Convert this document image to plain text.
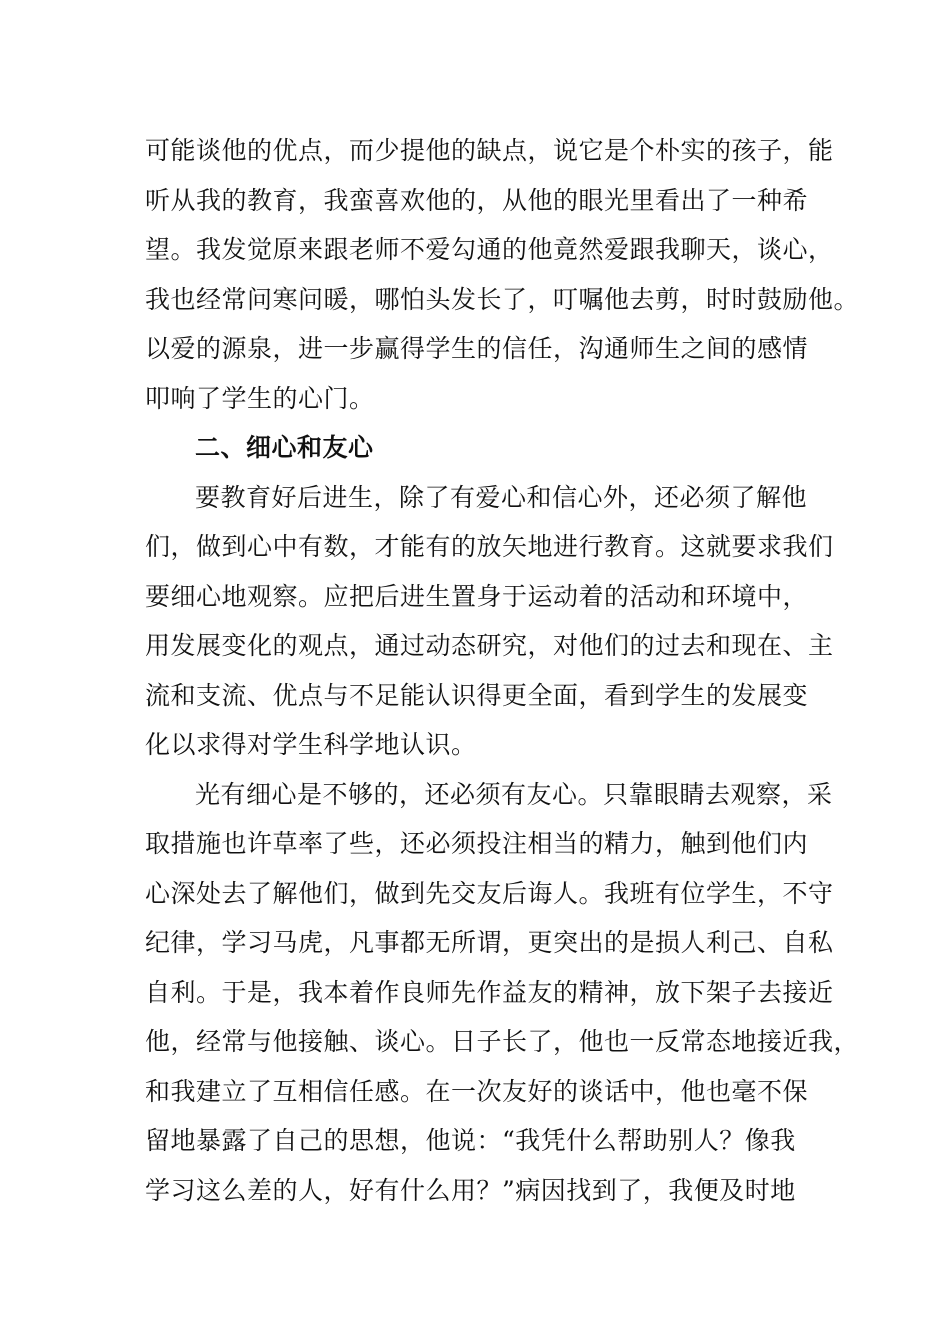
可能谈他的优点，而少提他的缺点，说它是个朴实的孩子，能
听从我的教育，我蛮喜欢他的，从他的眼光里看出了一种希
望。我发觉原来跟老师不爱勾通的他竟然爱跟我聊天，谈心，
我也经常问寒问暖，哪怕头发长了，叮嘱他去剪，时时鼓励他。
以爱的源泉，进一步赢得学生的信任，沟通师生之间的感情
叩响了学生的心门。
二、细心和友心
要教育好后进生，除了有爱心和信心外，还必须了解他
们，做到心中有数，才能有的放矢地进行教育。这就要求我们
要细心地观察。应把后进生置身于运动着的活动和环境中，
用发展变化的观点，通过动态研究，对他们的过去和现在、主
流和支流、优点与不足能认识得更全面，看到学生的发展变
化以求得对学生科学地认识。
光有细心是不够的，还必须有友心。只靠眼睛去观察，采
取措施也许草率了些，还必须投注相当的精力，触到他们内
心深处去了解他们，做到先交友后诲人。我班有位学生，不守
纪律，学习马虎，凡事都无所谓，更突出的是损人利己、自私
自利。于是，我本着作良师先作益友的精神，放下架子去接近
他，经常与他接触、谈心。日子长了，他也一反常态地接近我，
和我建立了互相信任感。在一次友好的谈话中，他也毫不保
留地暴露了自己的思想，他说：“我凭什么帮助别人？像我
学习这么差的人，好有什么用？”病因找到了，我便及时地
